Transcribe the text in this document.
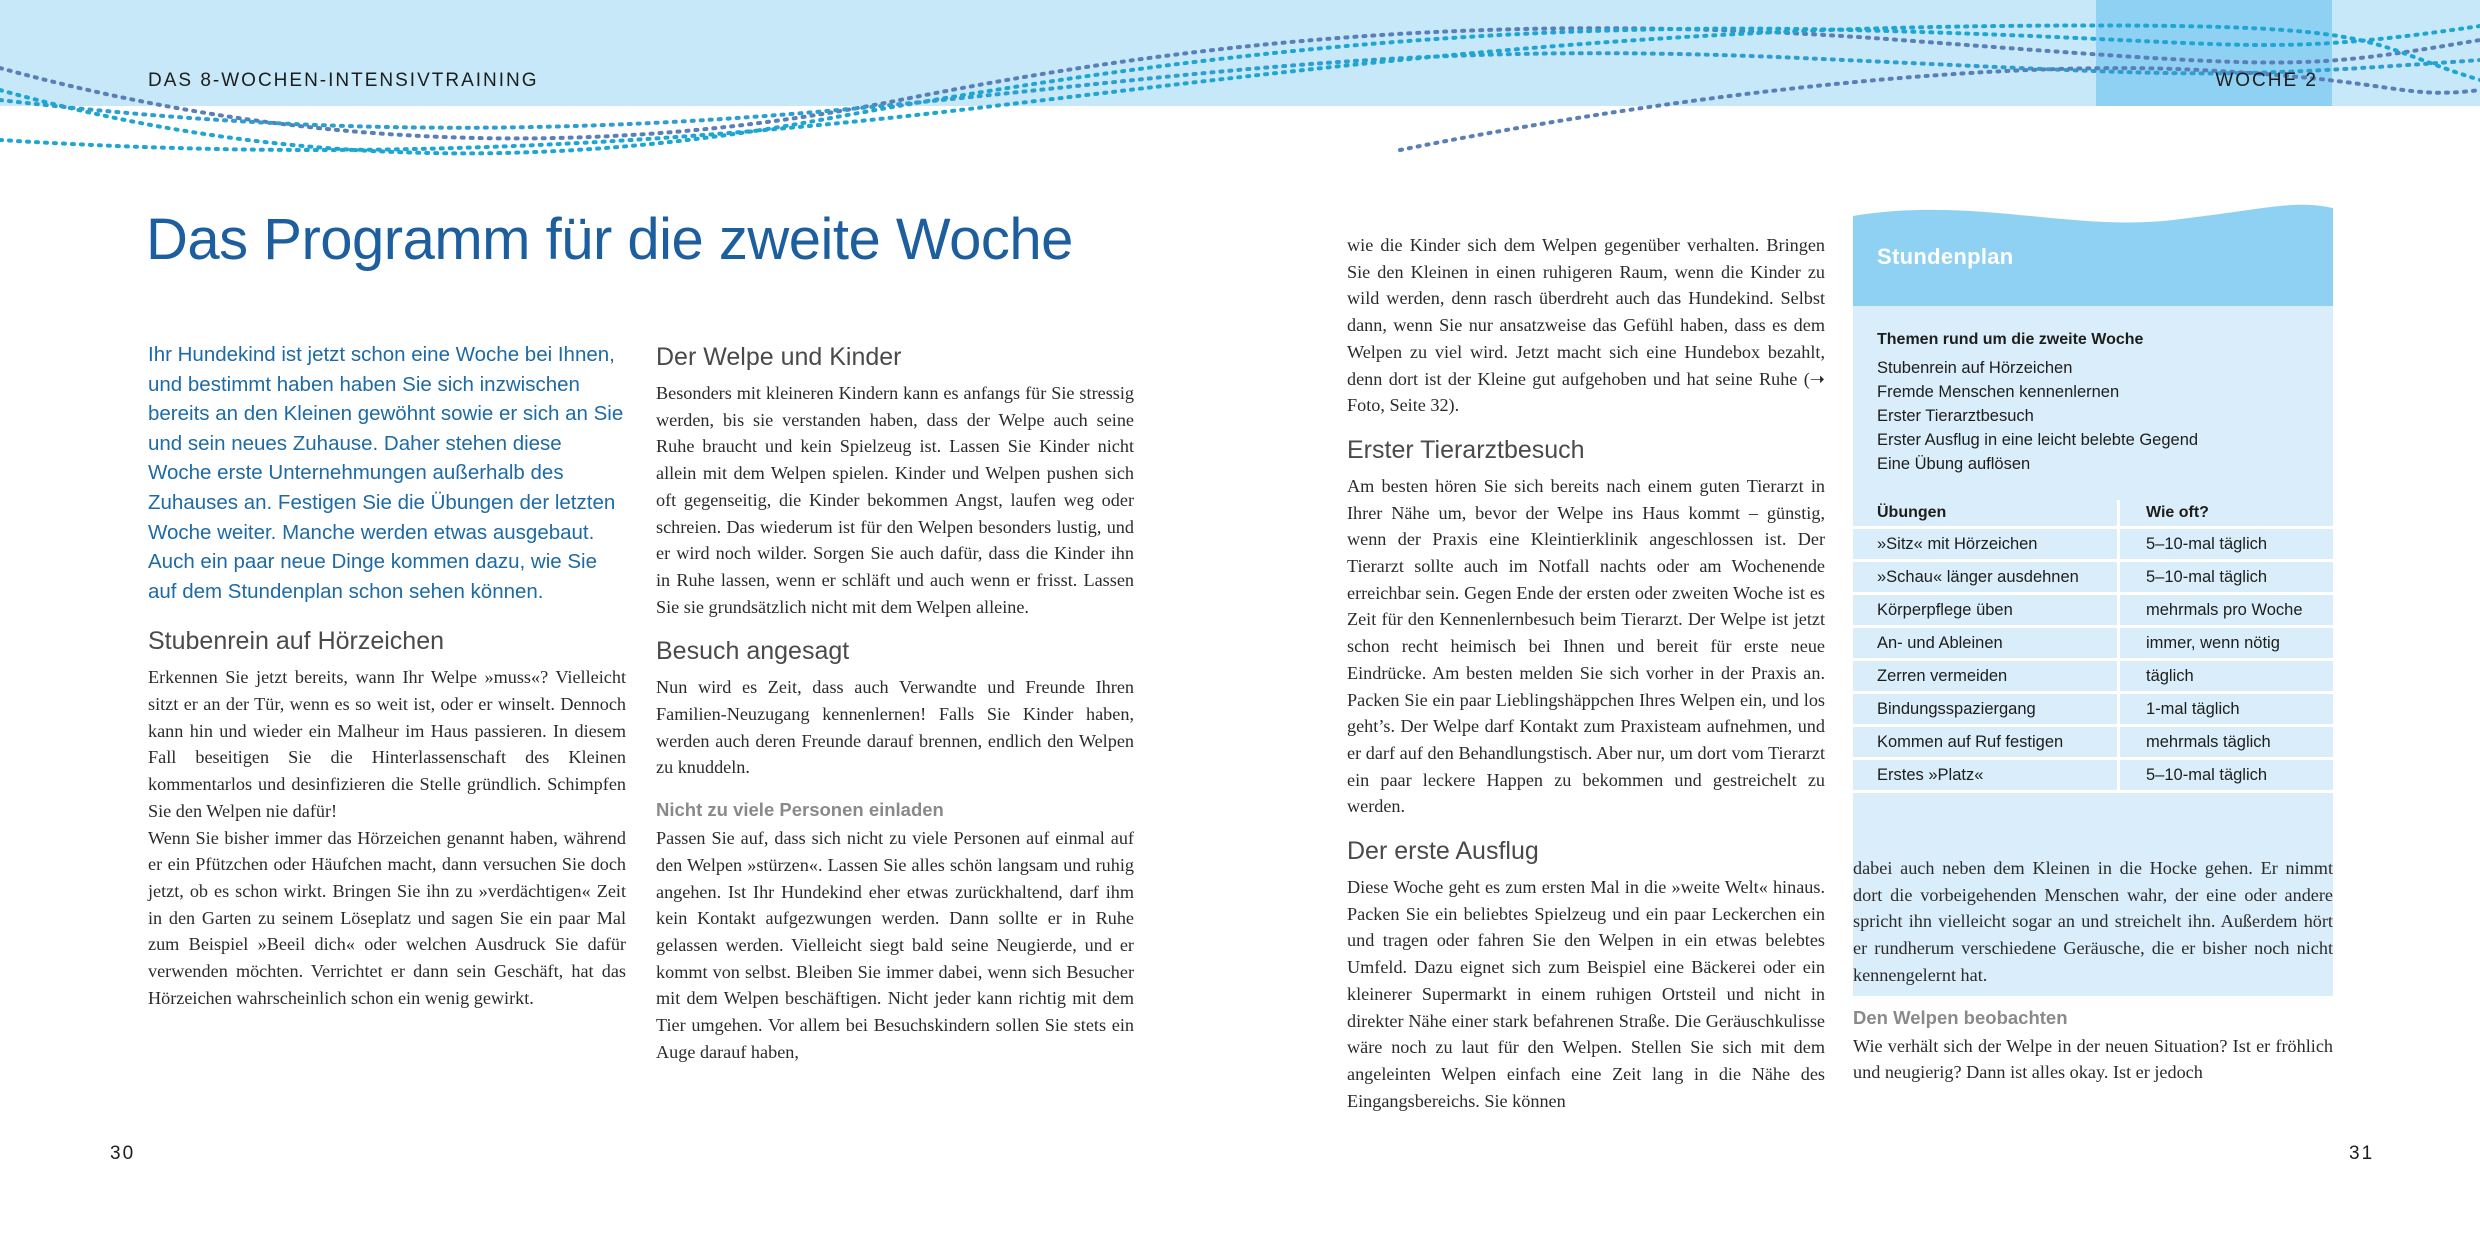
DAS 8-WOCHEN-INTENSIVTRAINING	WOCHE 2
Das Programm für die zweite Woche

Ihr Hundekind ist jetzt schon eine Woche bei Ihnen, und bestimmt haben haben Sie sich inzwischen bereits an den Kleinen gewöhnt sowie er sich an Sie und sein neues Zuhause. Daher stehen diese Woche erste Unternehmungen außerhalb des Zuhauses an. Festigen Sie die Übungen der letzten Woche weiter. Manche werden etwas ausgebaut. Auch ein paar neue Dinge kommen dazu, wie Sie auf dem Stundenplan schon sehen können.

Stubenrein auf Hörzeichen

Erkennen Sie jetzt bereits, wann Ihr Welpe »muss«? Vielleicht sitzt er an der Tür, wenn es so weit ist, oder er winselt. Dennoch kann hin und wieder ein Malheur im Haus passieren. In diesem Fall beseitigen Sie die Hinterlassenschaft des Kleinen kommentarlos und desinfizieren die Stelle gründlich. Schimpfen Sie den Welpen nie dafür!

Wenn Sie bisher immer das Hörzeichen genannt haben, während er ein Pfützchen oder Häufchen macht, dann versuchen Sie doch jetzt, ob es schon wirkt. Bringen Sie ihn zu »verdächtigen« Zeit in den Garten zu seinem Löseplatz und sagen Sie ein paar Mal zum Beispiel »Beeil dich« oder welchen Ausdruck Sie dafür verwenden möchten. Verrichtet er dann sein Geschäft, hat das Hörzeichen wahrscheinlich schon ein wenig gewirkt.

Der Welpe und Kinder

Besonders mit kleineren Kindern kann es anfangs für Sie stressig werden, bis sie verstanden haben, dass der Welpe auch seine Ruhe braucht und kein Spielzeug ist. Lassen Sie Kinder nicht allein mit dem Welpen spielen. Kinder und Welpen pushen sich oft gegenseitig, die Kinder bekommen Angst, laufen weg oder schreien. Das wiederum ist für den Welpen besonders lustig, und er wird noch wilder. Sorgen Sie auch dafür, dass die Kinder ihn in Ruhe lassen, wenn er schläft und auch wenn er frisst. Lassen Sie sie grundsätzlich nicht mit dem Welpen alleine.

Besuch angesagt

Nun wird es Zeit, dass auch Verwandte und Freunde Ihren Familien-Neuzugang kennenlernen! Falls Sie Kinder haben, werden auch deren Freunde darauf brennen, endlich den Welpen zu knuddeln.

Nicht zu viele Personen einladen

Passen Sie auf, dass sich nicht zu viele Personen auf einmal auf den Welpen »stürzen«. Lassen Sie alles schön langsam und ruhig angehen. Ist Ihr Hundekind eher etwas zurückhaltend, darf ihm kein Kontakt aufgezwungen werden. Dann sollte er in Ruhe gelassen werden. Vielleicht siegt bald seine Neugierde, und er kommt von selbst. Bleiben Sie immer dabei, wenn sich Besucher mit dem Welpen beschäftigen. Nicht jeder kann richtig mit dem Tier umgehen. Vor allem bei Besuchskindern sollen Sie stets ein Auge darauf haben,

wie die Kinder sich dem Welpen gegenüber verhalten. Bringen Sie den Kleinen in einen ruhigeren Raum, wenn die Kinder zu wild werden, denn rasch überdreht auch das Hundekind. Selbst dann, wenn Sie nur ansatzweise das Gefühl haben, dass es dem Welpen zu viel wird. Jetzt macht sich eine Hundebox bezahlt, denn dort ist der Kleine gut aufgehoben und hat seine Ruhe (➝ Foto, Seite 32).

Erster Tierarztbesuch

Am besten hören Sie sich bereits nach einem guten Tierarzt in Ihrer Nähe um, bevor der Welpe ins Haus kommt – günstig, wenn der Praxis eine Kleintierklinik angeschlossen ist. Der Tierarzt sollte auch im Notfall nachts oder am Wochenende erreichbar sein. Gegen Ende der ersten oder zweiten Woche ist es Zeit für den Kennenlernbesuch beim Tierarzt. Der Welpe ist jetzt schon recht heimisch bei Ihnen und bereit für erste neue Eindrücke. Am besten melden Sie sich vorher in der Praxis an. Packen Sie ein paar Lieblingshäppchen Ihres Welpen ein, und los geht’s. Der Welpe darf Kontakt zum Praxisteam aufnehmen, und er darf auf den Behandlungstisch. Aber nur, um dort vom Tierarzt ein paar leckere Happen zu bekommen und gestreichelt zu werden.

Der erste Ausflug

Diese Woche geht es zum ersten Mal in die »weite Welt« hinaus. Packen Sie ein beliebtes Spielzeug und ein paar Leckerchen ein und tragen oder fahren Sie den Welpen in ein etwas belebtes Umfeld. Dazu eignet sich zum Beispiel eine Bäckerei oder ein kleinerer Supermarkt in einem ruhigen Ortsteil und nicht in direkter Nähe einer stark befahrenen Straße. Die Geräuschkulisse wäre noch zu laut für den Welpen. Stellen Sie sich mit dem angeleinten Welpen einfach eine Zeit lang in die Nähe des Eingangsbereichs. Sie können

Stundenplan
Themen rund um die zweite Woche
Stubenrein auf Hörzeichen
Fremde Menschen kennenlernen
Erster Tierarztbesuch
Erster Ausflug in eine leicht belebte Gegend
Eine Übung auflösen
Übungen	Wie oft?
»Sitz« mit Hörzeichen	5–10-mal täglich
»Schau« länger ausdehnen	5–10-mal täglich
Körperpflege üben	mehrmals pro Woche
An- und Ableinen	immer, wenn nötig
Zerren vermeiden	täglich
Bindungsspaziergang	1-mal täglich
Kommen auf Ruf festigen	mehrmals täglich
Erstes »Platz«	5–10-mal täglich

dabei auch neben dem Kleinen in die Hocke gehen. Er nimmt dort die vorbeigehenden Menschen wahr, der eine oder andere spricht ihn vielleicht sogar an und streichelt ihn. Außerdem hört er rundherum verschiedene Geräusche, die er bisher noch nicht kennengelernt hat.

Den Welpen beobachten

Wie verhält sich der Welpe in der neuen Situation? Ist er fröhlich und neugierig? Dann ist alles okay. Ist er jedoch

30	31
